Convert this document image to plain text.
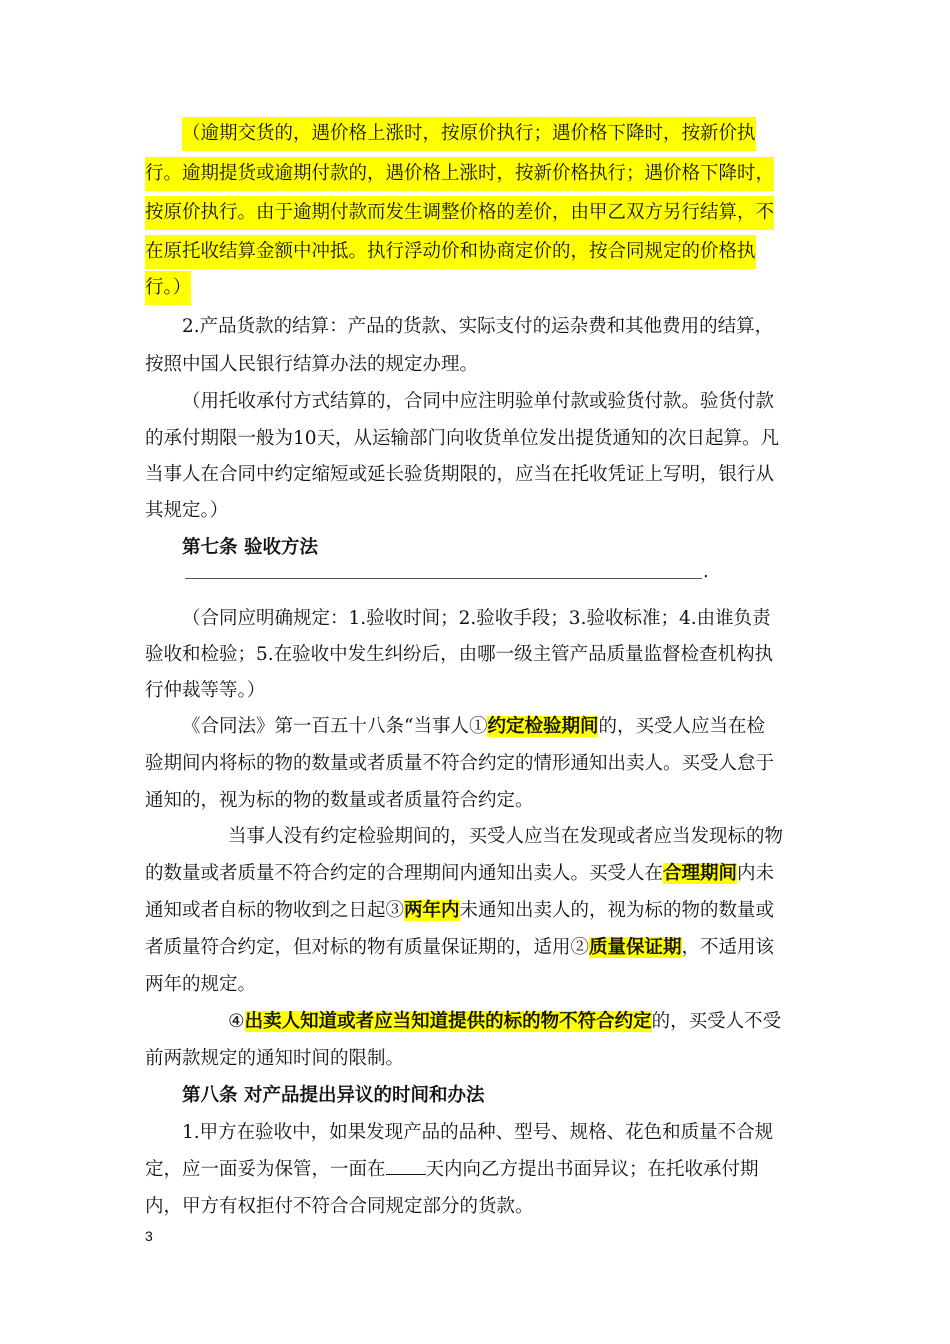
（逾期交货的，遇价格上涨时，按原价执行；遇价格下降时，按新价执
行。逾期提货或逾期付款的，遇价格上涨时，按新价格执行；遇价格下降时，
按原价执行。由于逾期付款而发生调整价格的差价，由甲乙双方另行结算，不
在原托收结算金额中冲抵。执行浮动价和协商定价的，按合同规定的价格执
行。）
2.产品货款的结算：产品的货款、实际支付的运杂费和其他费用的结算，
按照中国人民银行结算办法的规定办理。
（用托收承付方式结算的，合同中应注明验单付款或验货付款。验货付款
的承付期限一般为10天，从运输部门向收货单位发出提货通知的次日起算。凡
当事人在合同中约定缩短或延长验货期限的，应当在托收凭证上写明，银行从
其规定。）
第七条 验收方法
.
（合同应明确规定：1.验收时间；2.验收手段；3.验收标准；4.由谁负责
验收和检验；5.在验收中发生纠纷后，由哪一级主管产品质量监督检查机构执
行仲裁等等。）
《合同法》第一百五十八条“当事人①约定检验期间的，买受人应当在检
验期间内将标的物的数量或者质量不符合约定的情形通知出卖人。买受人怠于
通知的，视为标的物的数量或者质量符合约定。
当事人没有约定检验期间的，买受人应当在发现或者应当发现标的物
的数量或者质量不符合约定的合理期间内通知出卖人。买受人在合理期间内未
通知或者自标的物收到之日起③两年内未通知出卖人的，视为标的物的数量或
者质量符合约定，但对标的物有质量保证期的，适用②质量保证期，不适用该
两年的规定。
④出卖人知道或者应当知道提供的标的物不符合约定的，买受人不受
前两款规定的通知时间的限制。
第八条 对产品提出异议的时间和办法
1.甲方在验收中，如果发现产品的品种、型号、规格、花色和质量不合规
定，应一面妥为保管，一面在 天内向乙方提出书面异议；在托收承付期
内，甲方有权拒付不符合合同规定部分的货款。
3
